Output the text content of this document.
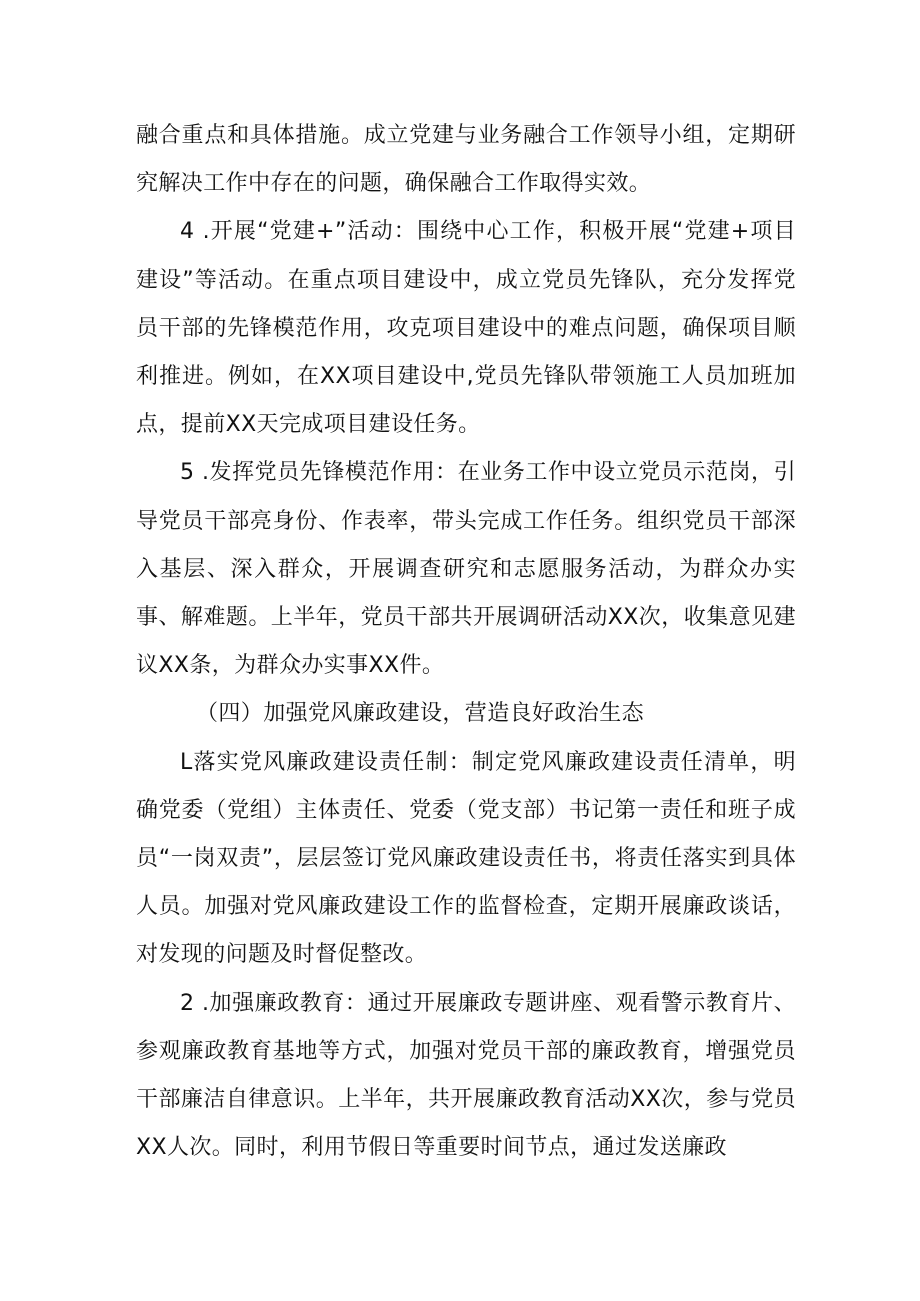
融合重点和具体措施。成立党建与业务融合工作领导小组，定期研究解决工作中存在的问题，确保融合工作取得实效。

4 .开展“党建+”活动：围绕中心工作，积极开展“党建+项目建设”等活动。在重点项目建设中，成立党员先锋队，充分发挥党员干部的先锋模范作用，攻克项目建设中的难点问题，确保项目顺利推进。例如，在XX项目建设中,党员先锋队带领施工人员加班加点，提前XX天完成项目建设任务。

5 .发挥党员先锋模范作用：在业务工作中设立党员示范岗，引导党员干部亮身份、作表率，带头完成工作任务。组织党员干部深入基层、深入群众，开展调查研究和志愿服务活动，为群众办实事、解难题。上半年，党员干部共开展调研活动XX次，收集意见建议XX条，为群众办实事XX件。

（四）加强党风廉政建设，营造良好政治生态

L落实党风廉政建设责任制：制定党风廉政建设责任清单，明确党委（党组）主体责任、党委（党支部）书记第一责任和班子成员“一岗双责”，层层签订党风廉政建设责任书，将责任落实到具体人员。加强对党风廉政建设工作的监督检查，定期开展廉政谈话，对发现的问题及时督促整改。

2 .加强廉政教育：通过开展廉政专题讲座、观看警示教育片、参观廉政教育基地等方式，加强对党员干部的廉政教育，增强党员干部廉洁自律意识。上半年，共开展廉政教育活动XX次，参与党员XX人次。同时，利用节假日等重要时间节点，通过发送廉政
